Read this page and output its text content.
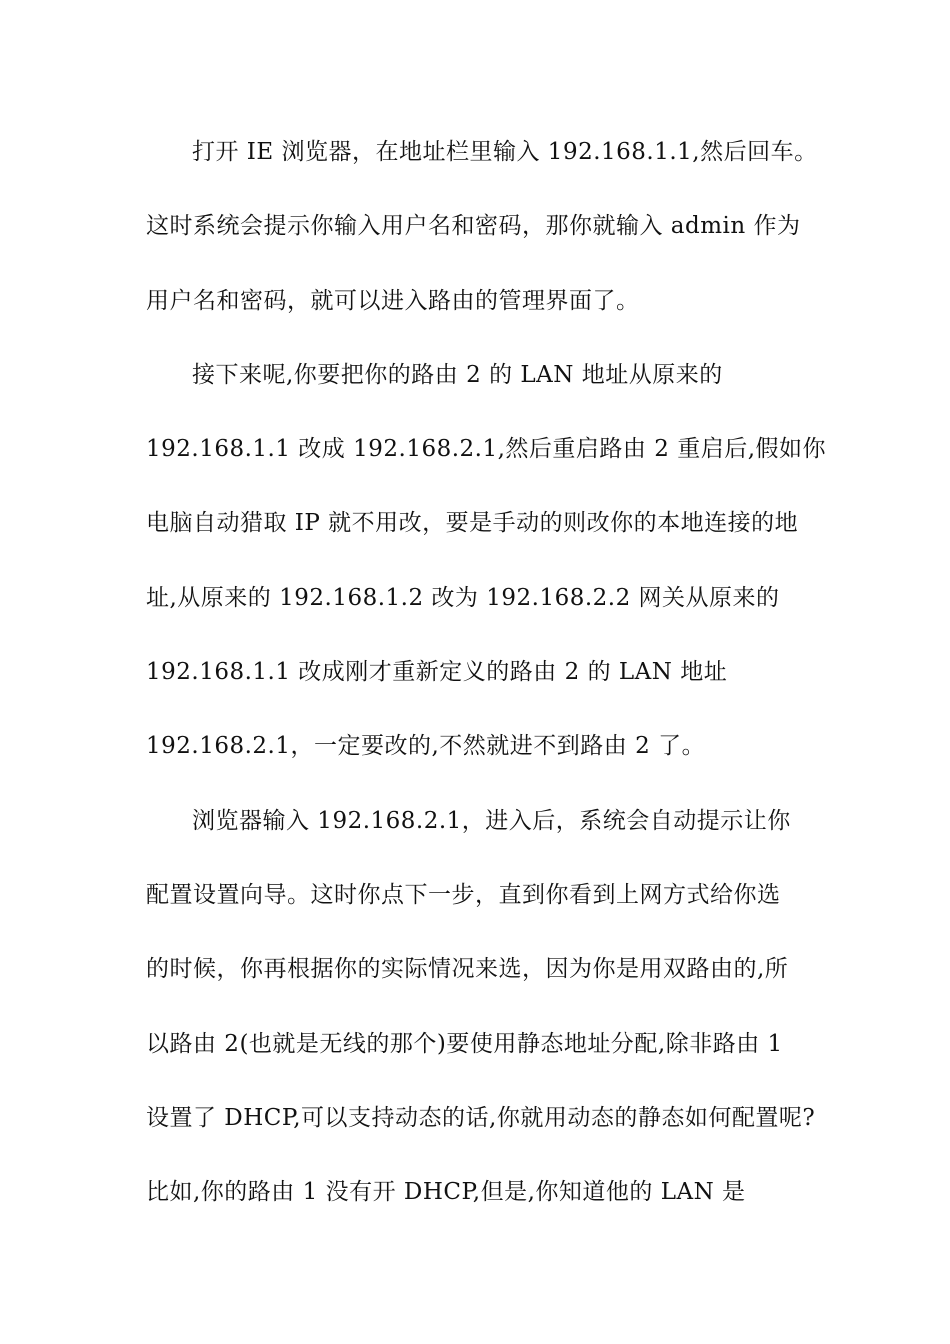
打开 IE 浏览器，在地址栏里输入 192.168.1.1,然后回车。
这时系统会提示你输入用户名和密码，那你就输入 admin 作为
用户名和密码，就可以进入路由的管理界面了。
接下来呢,你要把你的路由 2 的 LAN 地址从原来的
192.168.1.1 改成 192.168.2.1,然后重启路由 2 重启后,假如你
电脑自动猎取 IP 就不用改，要是手动的则改你的本地连接的地
址,从原来的 192.168.1.2 改为 192.168.2.2 网关从原来的
192.168.1.1 改成刚才重新定义的路由 2 的 LAN 地址
192.168.2.1，一定要改的,不然就进不到路由 2 了。
浏览器输入 192.168.2.1，进入后，系统会自动提示让你
配置设置向导。这时你点下一步，直到你看到上网方式给你选
的时候，你再根据你的实际情况来选，因为你是用双路由的,所
以路由 2(也就是无线的那个)要使用静态地址分配,除非路由 1
设置了 DHCP,可以支持动态的话,你就用动态的静态如何配置呢?
比如,你的路由 1 没有开 DHCP,但是,你知道他的 LAN 是
